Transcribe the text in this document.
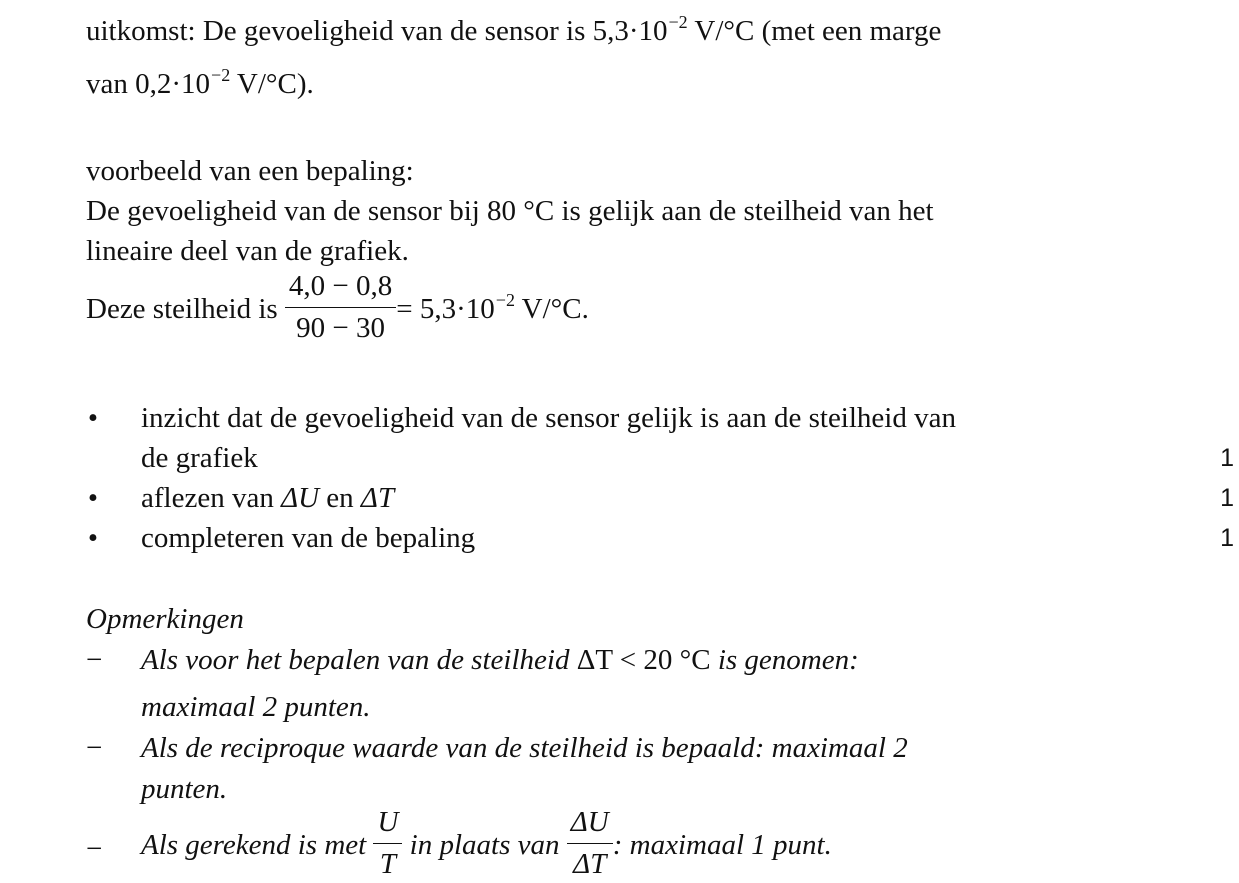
uitkomst: De gevoeligheid van de sensor is $5,3\cdot 10^{-2}$ V/°C (met een marge
van $0,2\cdot 10^{-2}$ V/°C).
voorbeeld van een bepaling:
De gevoeligheid van de sensor bij 80 °C is gelijk aan de steilheid van het
lineaire deel van de grafiek.
Deze steilheid is $\frac{4,0 - 0,8}{90 - 30} = 5,3\cdot 10^{-2}$ V/°C.
• inzicht dat de gevoeligheid van de sensor gelijk is aan de steilheid van
de grafiek	1
• aflezen van ΔU en ΔT	1
• completeren van de bepaling	1
Opmerkingen
− Als voor het bepalen van de steilheid ΔT < 20 °C is genomen:
maximaal 2 punten.
− Als de reciproque waarde van de steilheid is bepaald: maximaal 2
punten.
− Als gerekend is met $\frac{U}{T}$ in plaats van $\frac{\Delta U}{\Delta T}$ : maximaal 1 punt.
